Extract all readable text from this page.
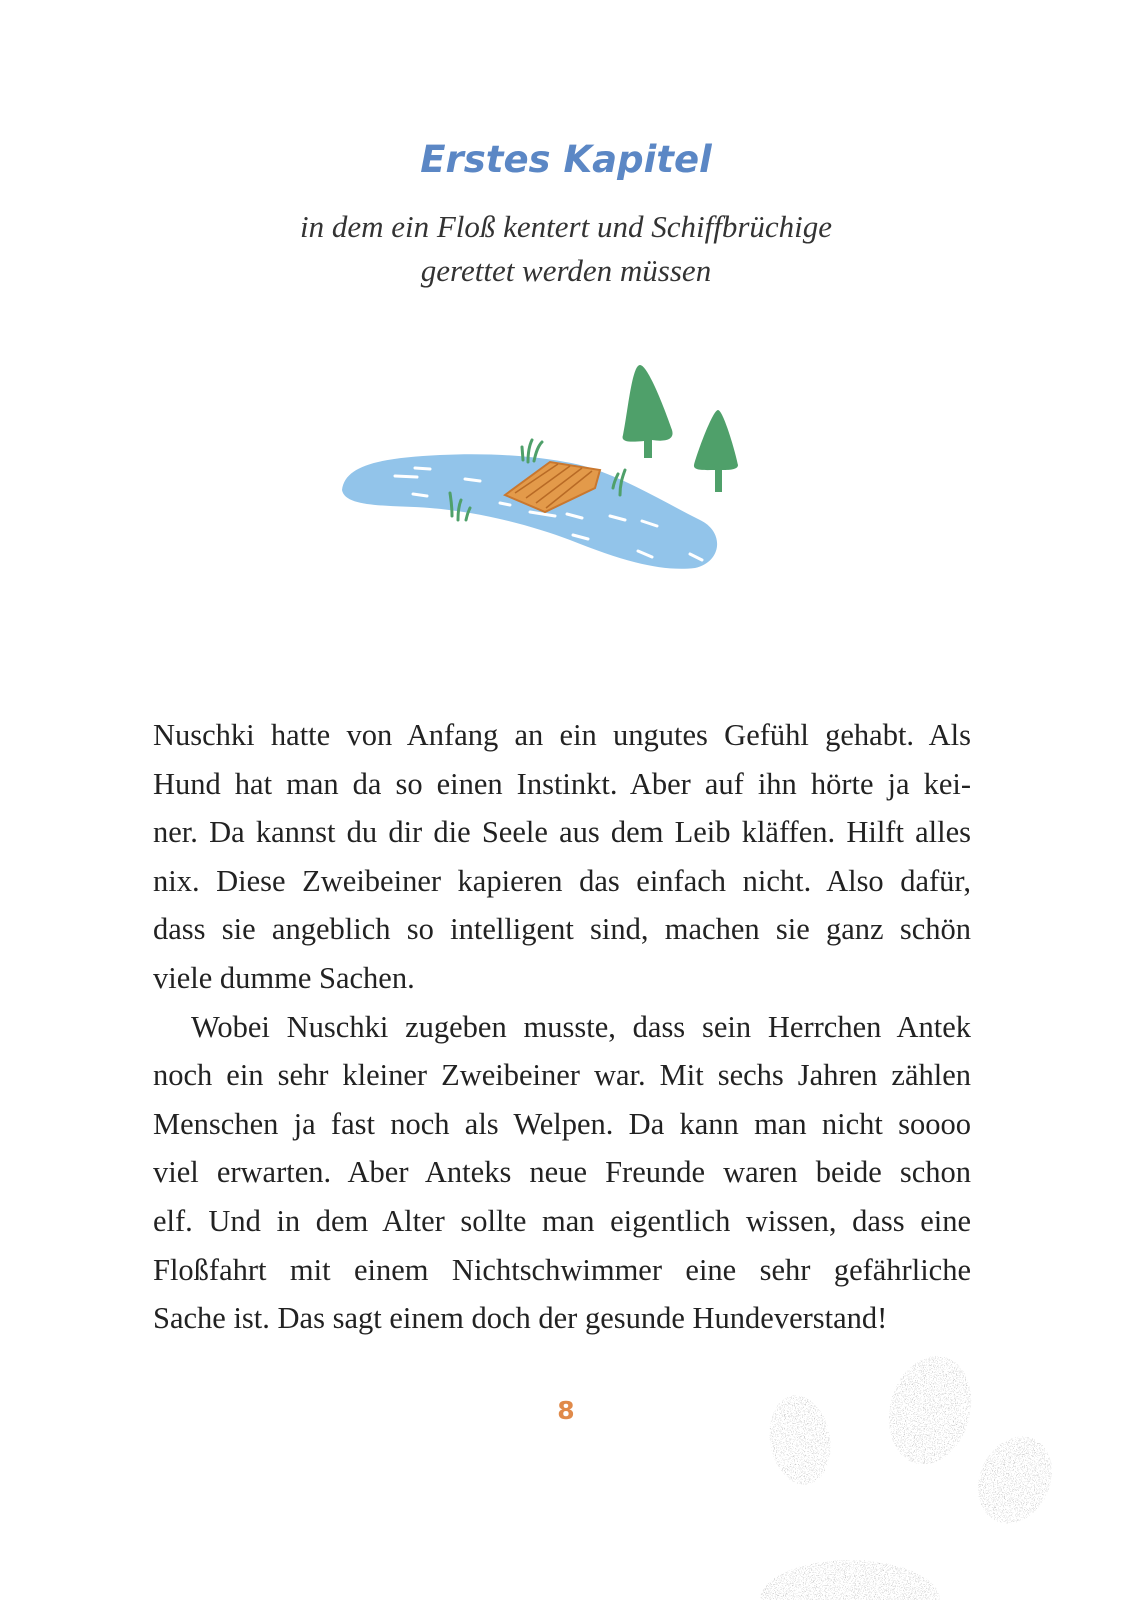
Erstes Kapitel
in dem ein Floß kentert und Schiffbrüchige
gerettet werden müssen
Nuschki hatte von Anfang an ein ungutes Gefühl gehabt. Als
Hund hat man da so einen Instinkt. Aber auf ihn hörte ja kei-
ner. Da kannst du dir die Seele aus dem Leib kläffen. Hilft alles
nix. Diese Zweibeiner kapieren das einfach nicht. Also dafür,
dass sie angeblich so intelligent sind, machen sie ganz schön
viele dumme Sachen.
Wobei Nuschki zugeben musste, dass sein Herrchen Antek
noch ein sehr kleiner Zweibeiner war. Mit sechs Jahren zählen
Menschen ja fast noch als Welpen. Da kann man nicht soooo
viel erwarten. Aber Anteks neue Freunde waren beide schon
elf. Und in dem Alter sollte man eigentlich wissen, dass eine
Floßfahrt mit einem Nichtschwimmer eine sehr gefährliche
Sache ist. Das sagt einem doch der gesunde Hundeverstand!
8
